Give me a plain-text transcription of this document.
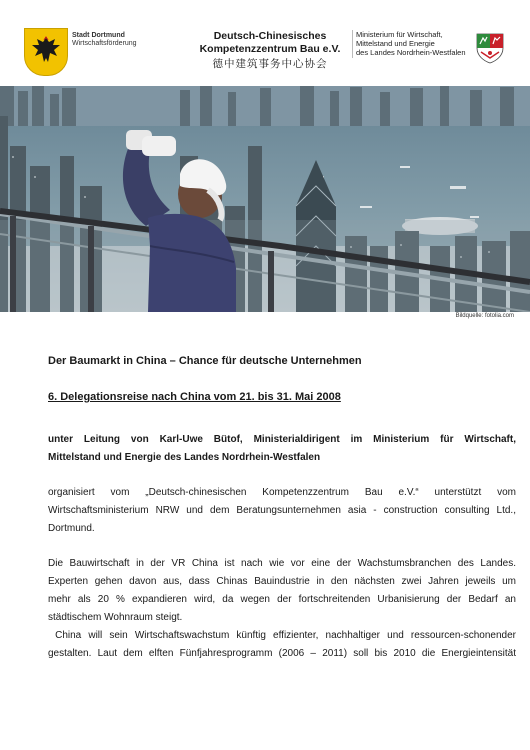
Stadt Dortmund
Wirtschaftsförderung
Deutsch-Chinesisches
Kompetenzzentrum Bau e.V.
德中建筑事务中心协会
Ministerium für Wirtschaft,
Mittelstand und Energie
des Landes Nordrhein-Westfalen
Bildquelle: fotolia.com

Der Baumarkt in China – Chance für deutsche Unternehmen

6. Delegationsreise nach China vom 21. bis 31. Mai 2008

unter Leitung von Karl-Uwe Bütof, Ministerialdirigent im Ministerium für Wirtschaft,
Mittelstand und Energie des Landes Nordrhein-Westfalen
organisiert vom „Deutsch-chinesischen Kompetenzzentrum Bau e.V.“ unterstützt vom
Wirtschaftsministerium NRW und dem Beratungsunternehmen asia - construction consulting Ltd.,
Dortmund.
Die Bauwirtschaft in der VR China ist nach wie vor eine der Wachstumsbranchen des Landes.
Experten gehen davon aus, dass Chinas Bauindustrie in den nächsten zwei Jahren jeweils um
mehr als 20 % expandieren wird, da wegen der fortschreitenden Urbanisierung der Bedarf an
städtischem Wohnraum steigt.
China will sein Wirtschaftswachstum künftig effizienter, nachhaltiger und ressourcen-schonender
gestalten. Laut dem elften Fünfjahresprogramm (2006 – 2011) soll bis 2010 die Energieintensität
